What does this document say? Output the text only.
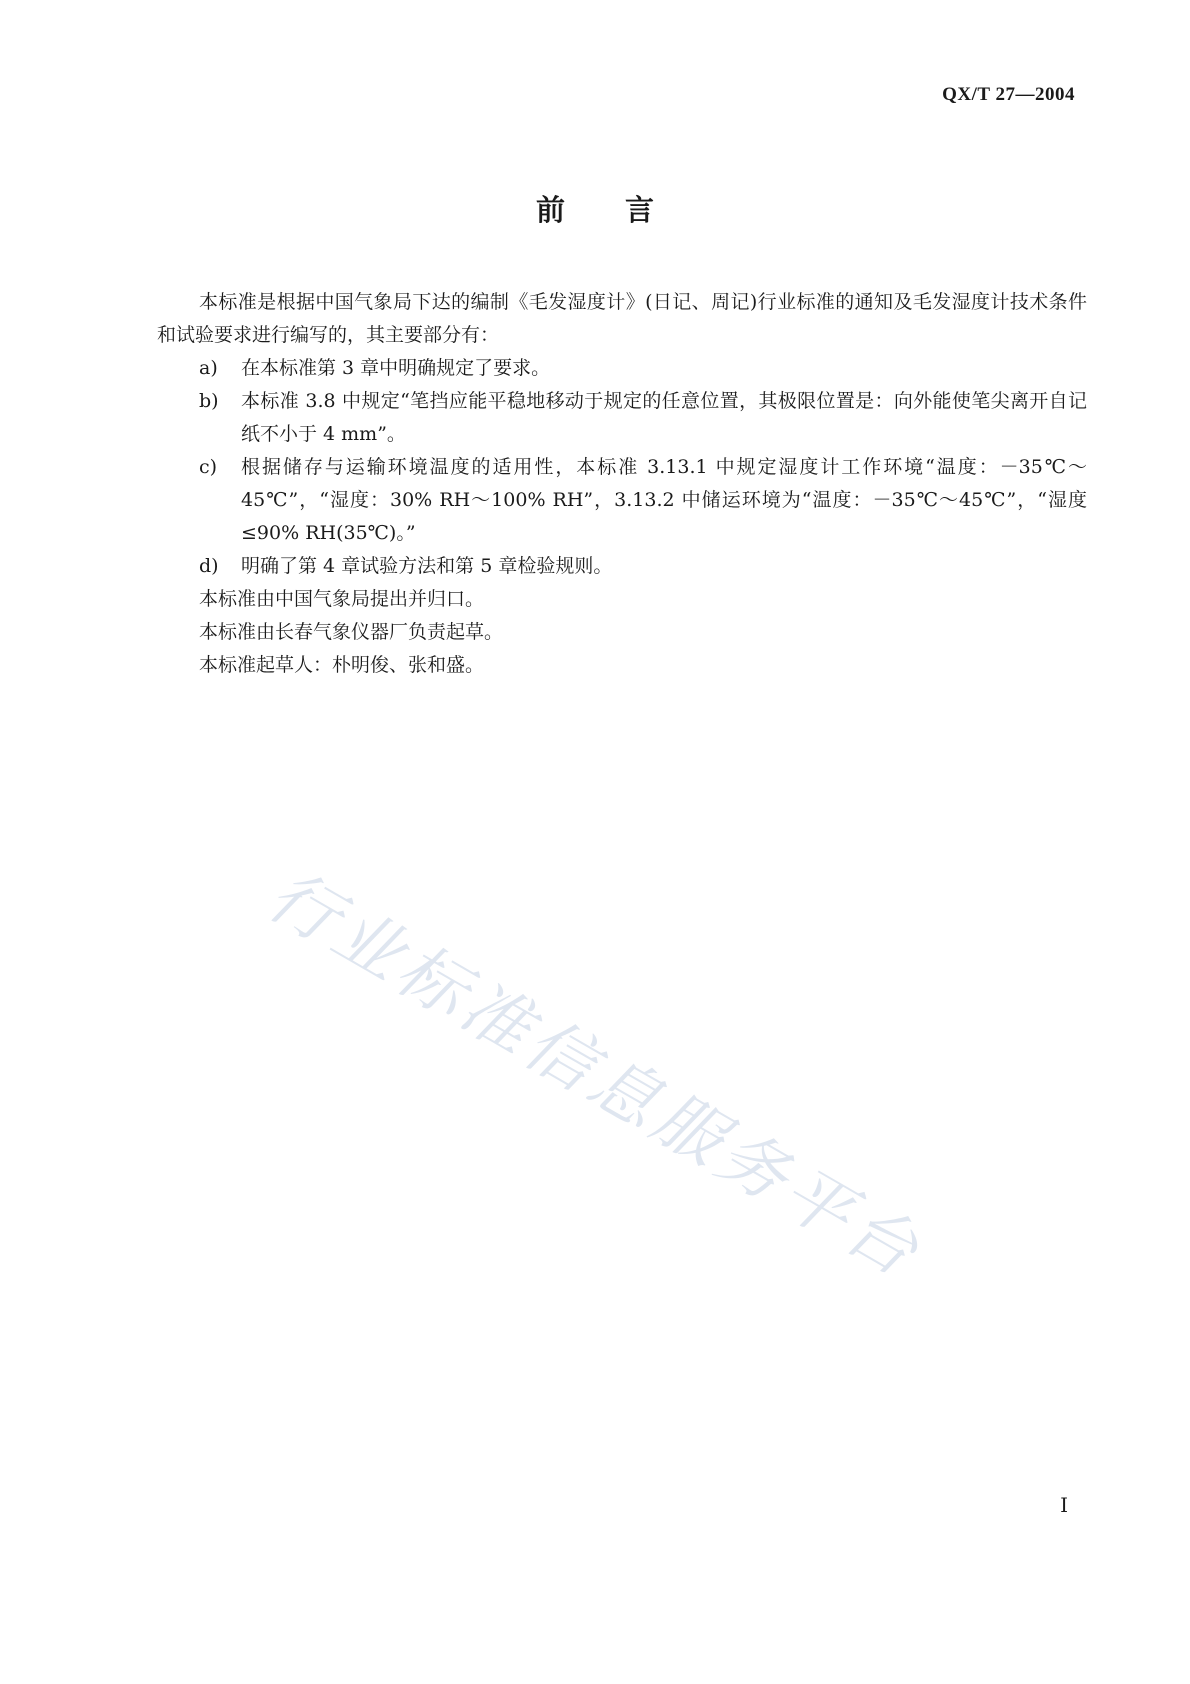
QX/T 27—2004
前言

本标准是根据中国气象局下达的编制《毛发湿度计》(日记、周记)行业标准的通知及毛发湿度计技术条件和试验要求进行编写的，其主要部分有：

a)	在本标准第 3 章中明确规定了要求。
b)	本标准 3.8 中规定“笔挡应能平稳地移动于规定的任意位置，其极限位置是：向外能使笔尖离开自记纸不小于 4 mm”。
c)	根据储存与运输环境温度的适用性，本标准 3.13.1 中规定湿度计工作环境“温度：－35℃～45℃”，“湿度：30% RH～100% RH”，3.13.2 中储运环境为“温度：－35℃～45℃”，“湿度≤90% RH(35℃)。”
d)	明确了第 4 章试验方法和第 5 章检验规则。

本标准由中国气象局提出并归口。

本标准由长春气象仪器厂负责起草。

本标准起草人：朴明俊、张和盛。

行业标准信息服务平台
I
